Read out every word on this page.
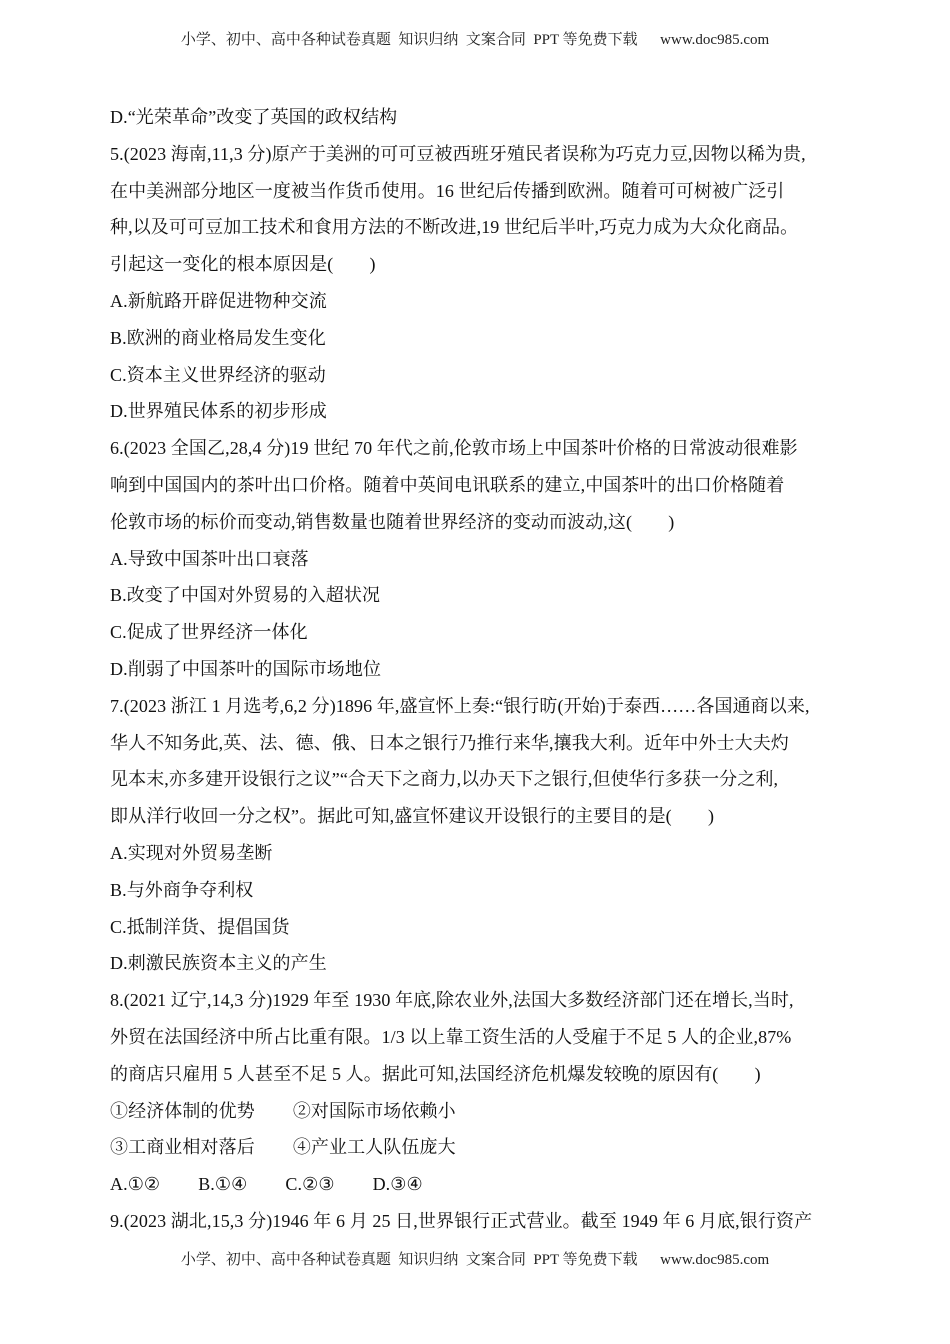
小学、初中、高中各种试卷真题  知识归纳  文案合同  PPT 等免费下载      www.doc985.com
D.“光荣革命”改变了英国的政权结构
5.(2023 海南,11,3 分)原产于美洲的可可豆被西班牙殖民者误称为巧克力豆,因物以稀为贵,
在中美洲部分地区一度被当作货币使用。16 世纪后传播到欧洲。随着可可树被广泛引
种,以及可可豆加工技术和食用方法的不断改进,19 世纪后半叶,巧克力成为大众化商品。
引起这一变化的根本原因是(　　)
A.新航路开辟促进物种交流
B.欧洲的商业格局发生变化
C.资本主义世界经济的驱动
D.世界殖民体系的初步形成
6.(2023 全国乙,28,4 分)19 世纪 70 年代之前,伦敦市场上中国茶叶价格的日常波动很难影
响到中国国内的茶叶出口价格。随着中英间电讯联系的建立,中国茶叶的出口价格随着
伦敦市场的标价而变动,销售数量也随着世界经济的变动而波动,这(　　)
A.导致中国茶叶出口衰落
B.改变了中国对外贸易的入超状况
C.促成了世界经济一体化
D.削弱了中国茶叶的国际市场地位
7.(2023 浙江 1 月选考,6,2 分)1896 年,盛宣怀上奏:“银行昉(开始)于泰西……各国通商以来,
华人不知务此,英、法、德、俄、日本之银行乃推行来华,攘我大利。近年中外士大夫灼
见本末,亦多建开设银行之议”“合天下之商力,以办天下之银行,但使华行多获一分之利,
即从洋行收回一分之权”。据此可知,盛宣怀建议开设银行的主要目的是(　　)
A.实现对外贸易垄断
B.与外商争夺利权
C.抵制洋货、提倡国货
D.刺激民族资本主义的产生
8.(2021 辽宁,14,3 分)1929 年至 1930 年底,除农业外,法国大多数经济部门还在增长,当时,
外贸在法国经济中所占比重有限。1/3 以上靠工资生活的人受雇于不足 5 人的企业,87%
的商店只雇用 5 人甚至不足 5 人。据此可知,法国经济危机爆发较晚的原因有(　　)
①经济体制的优势 ②对国际市场依赖小
③工商业相对落后 ④产业工人队伍庞大
A.①② B.①④ C.②③ D.③④
9.(2023 湖北,15,3 分)1946 年 6 月 25 日,世界银行正式营业。截至 1949 年 6 月底,银行资产
小学、初中、高中各种试卷真题  知识归纳  文案合同  PPT 等免费下载      www.doc985.com
